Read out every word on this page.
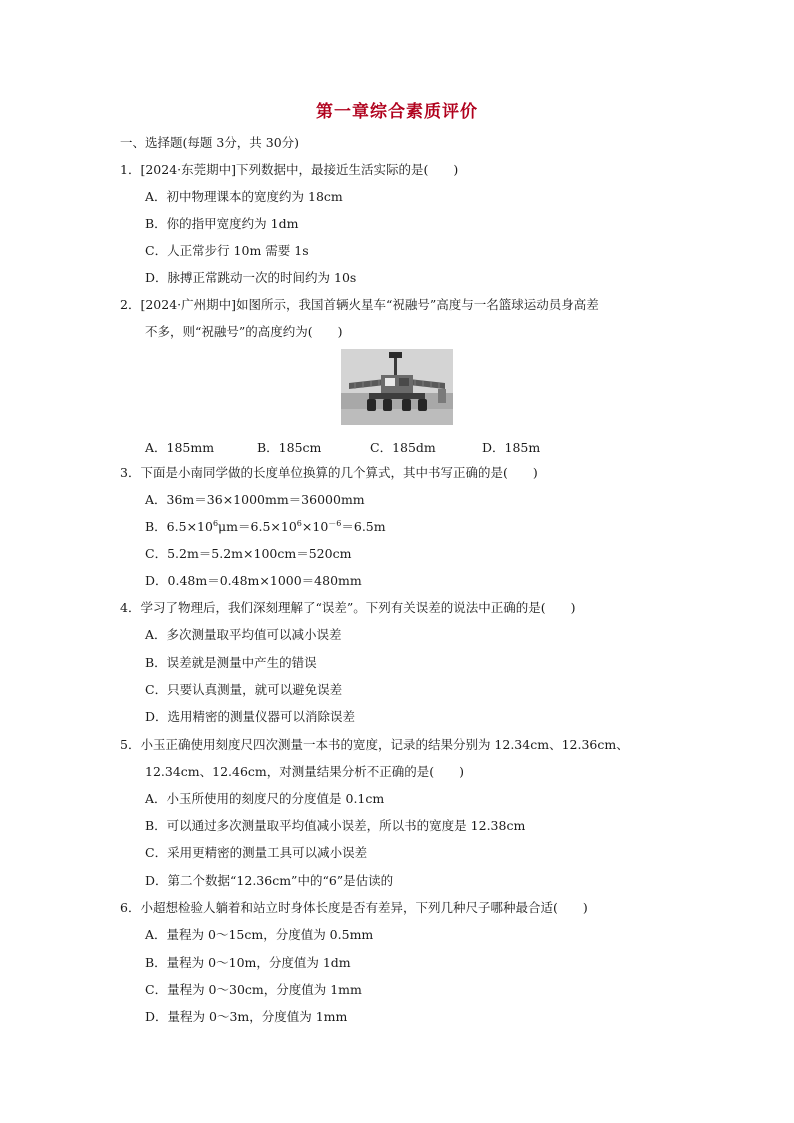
第一章综合素质评价
一、选择题(每题 3分，共 30分)
1．[2024·东莞期中]下列数据中，最接近生活实际的是(　　)
A．初中物理课本的宽度约为 18cm
B．你的指甲宽度约为 1dm
C．人正常步行 10m 需要 1s
D．脉搏正常跳动一次的时间约为 10s
2．[2024·广州期中]如图所示，我国首辆火星车“祝融号”高度与一名篮球运动员身高差
不多，则“祝融号”的高度约为(　　)
A．185mm	B．185cm	C．185dm	D．185m
3．下面是小南同学做的长度单位换算的几个算式，其中书写正确的是(　　)
A．36m＝36×1000mm＝36000mm
B．$6.5\times 10^6\mu m=6.5\times 10^6\times 10^{-6}=6.5m$
C．5.2m＝5.2m×100cm＝520cm
D．0.48m＝0.48m×1000＝480mm
4．学习了物理后，我们深刻理解了“误差”。下列有关误差的说法中正确的是(　　)
A．多次测量取平均值可以减小误差
B．误差就是测量中产生的错误
C．只要认真测量，就可以避免误差
D．选用精密的测量仪器可以消除误差
5．小玉正确使用刻度尺四次测量一本书的宽度，记录的结果分别为 12.34cm、12.36cm、
12.34cm、12.46cm，对测量结果分析不正确的是(　　)
A．小玉所使用的刻度尺的分度值是 0.1cm
B．可以通过多次测量取平均值减小误差，所以书的宽度是 12.38cm
C．采用更精密的测量工具可以减小误差
D．第二个数据“12.36cm”中的“6”是估读的
6．小超想检验人躺着和站立时身体长度是否有差异，下列几种尺子哪种最合适(　　)
A．量程为 0～15cm，分度值为 0.5mm
B．量程为 0～10m，分度值为 1dm
C．量程为 0～30cm，分度值为 1mm
D．量程为 0～3m，分度值为 1mm
